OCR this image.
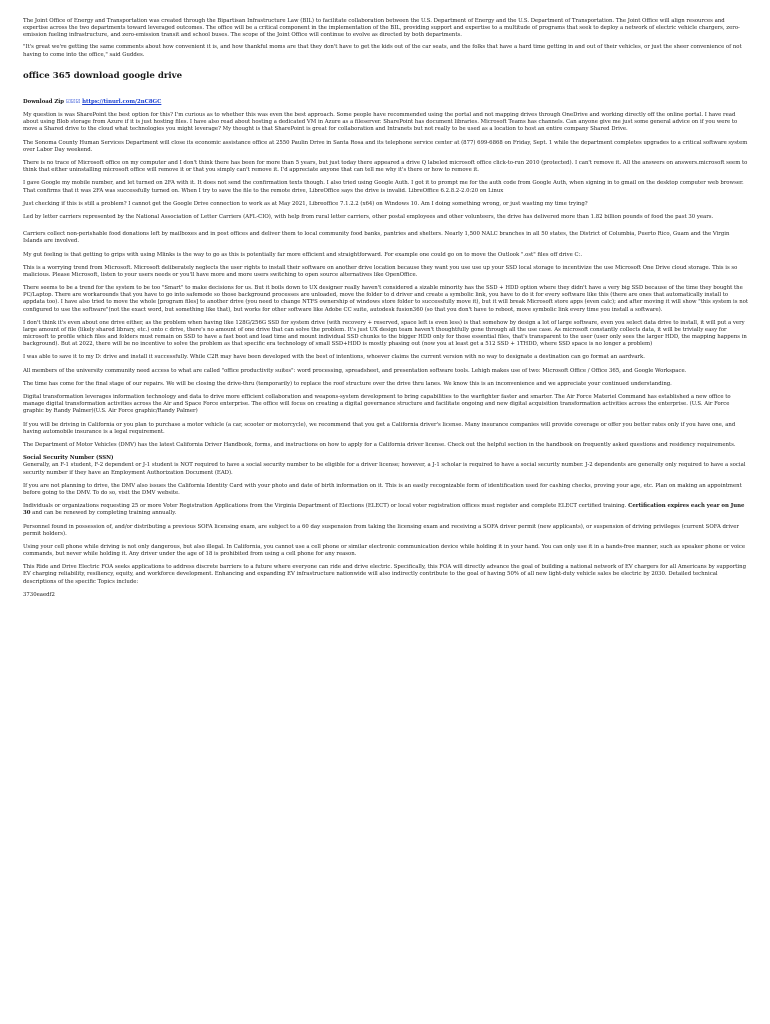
The Joint Office of Energy and Transportation was created through the Bipartisan Infrastructure Law (BIL) to facilitate collaboration between the U.S. Department of Energy and the U.S. Department of Transportation. The Joint Office will align resources and expertise across the two departments toward leveraged outcomes. The office will be a critical component in the implementation of the BIL, providing support and expertise to a multitude of programs that seek to deploy a network of electric vehicle chargers, zero-emission fueling infrastructure, and zero-emission transit and school buses. The scope of the Joint Office will continue to evolve as directed by both departments.

"It's great we're getting the same comments about how convenient it is, and how thankful moms are that they don't have to get the kids out of the car seats, and the folks that have a hard time getting in and out of their vehicles, or just the sheer convenience of not having to come into the office," said Guddes.

office 365 download google drive

Download Zip ☑☑☑ https://tinurl.com/2nC8GC

My question is was SharePoint the best option for this? I'm curious as to whether this was even the best approach. Some people have recommended using the portal and not mapping drives through OneDrive and working directly off the online portal. I have read about using Blob storage from Azure if it is just hosting files. I have also read about hosting a dedicated VM in Azure as a fileserver. SharePoint has document libraries. Microsoft Teams has channels. Can anyone give me just some general advice on if you were to move a Shared drive to the cloud what technologies you might leverage? My thought is that SharePoint is great for collaboration and Intranets but not really to be used as a location to host an entire company Shared Drive.

The Sonoma County Human Services Department will close its economic assistance office at 2550 Paulin Drive in Santa Rosa and its telephone service center at (877) 699-6868 on Friday, Sept. 1 while the department completes upgrades to a critical software system over Labor Day weekend.

There is no trace of Microsoft office on my computer and I don't think there has been for more than 5 years, but just today there appeared a drive Q labeled microsoft office click-to-run 2010 (protected). I can't remove it. All the answers on answers.microsoft seem to think that either uninstalling microsoft office will remove it or that you simply can't remove it. I'd appreciate anyone that can tell me why it's there or how to remove it.

I gave Google my mobile number, and let turned on 2FA with it. It does not send the confirmation texts though. I also tried using Google Auth. I got it to prompt me for the auth code from Google Auth, when signing in to gmail on the desktop computer web browser. That confirms that it was 2FA was successfully turned on. When I try to save the file to the remote drive, LibreOffice says the drive is invalid. LibreOffice 6.2.8.2-2.0:20 on Linux

Just checking if this is still a problem? I cannot get the Google Drive connection to work as at May 2021, Libreoffice 7.1.2.2 (x64) on Windows 10. Am I doing something wrong, or just wasting my time trying?

Led by letter carriers represented by the National Association of Letter Carriers (AFL-CIO), with help from rural letter carriers, other postal employees and other volunteers, the drive has delivered more than 1.82 billion pounds of food the past 30 years.

Carriers collect non-perishable food donations left by mailboxes and in post offices and deliver them to local community food banks, pantries and shelters. Nearly 1,500 NALC branches in all 50 states, the District of Columbia, Puerto Rico, Guam and the Virgin Islands are involved.

My gut feeling is that getting to grips with using Mlinks is the way to go as this is potentially far more efficient and straightforward. For example one could go on to move the Outlook ".ost" files off drive C:.

This is a worrying trend from Microsoft. Microsoft deliberately neglects the user rights to install their software on another drive location because they want you use use up your SSD local storage to incentivize the use Microsoft One Drive cloud storage. This is so malicious. Please Microsoft, listen to your users needs or you'll have more and more users switching to open source alternatives like OpenOffice.

There seems to be a trend for the system to be too "Smart" to make decisions for us. But it boils down to UX designer really haven't considered a sizable minority has the SSD + HDD option where they didn't have a very big SSD because of the time they bought the PC/Laptop. There are workarounds that you have to go into safemode so those background processes are unloaded, move the folder to d driver and create a symbolic link, you have to do it for every software like this (there are ones that automatically install to appdata too). I have also tried to move the whole [program files] to another drive (you need to change NTFS ownership of windows store folder to successfully move it), but it will break Microsoft store apps (even calc); and after moving it will show "this system is not configured to use the software"(not the exact word, but something like that), but works for other software like Adobe CC suite, autodesk fusion360 (so that you don't have to reboot, move symbolic link every time you install a software).

I don't think it's even about one drive either, as the problem when having like 128G/256G SSD for system drive (with recovery + reserved, space left is even less) is that somehow by design a lot of large software, even you select data drive to install, it will put a very large amount of file (likely shared library, etc.) onto c drive, there's no amount of one drive that can solve the problem. It's just UX design team haven't thoughtfully gone through all the use case. As microsoft constantly collects data, it will be trivially easy for microsoft to profile which files and folders must remain on SSD to have a fast boot and load time and mount individual SSD chunks to the bigger HDD only for those essential files, that's transparent to the user (user only sees the larger HDD, the mapping happens in background). But at 2022, there will be no incentive to solve the problem as that specific era technology of small SSD+HDD is mostly phasing out (now you at least get a 512 SSD + 1THDD, where SSD space is no longer a problem)

I was able to save it to my D: drive and install it successfully. While C2R may have been developed with the best of intentions, whoever claims the current version with no way to designate a destination can go format an aardvark.

All members of the university community need access to what are called "office productivity suites": word processing, spreadsheet, and presentation software tools. Lehigh makes use of two: Microsoft Office / Office 365, and Google Workspace.

The time has come for the final stage of our repairs. We will be closing the drive-thru (temporarily) to replace the roof structure over the drive thru lanes. We know this is an inconvenience and we appreciate your continued understanding.

Digital transformation leverages information technology and data to drive more efficient collaboration and weapons-system development to bring capabilities to the warfighter faster and smarter. The Air Force Materiel Command has established a new office to manage digital transformation activities across the Air and Space Force enterprise. The office will focus on creating a digital governance structure and facilitate ongoing and new digital acquisition transformation activities across the enterprise. (U.S. Air Force graphic by Randy Palmer)(U.S. Air Force graphic/Randy Palmer)

If you will be driving in California or you plan to purchase a motor vehicle (a car, scooter or motorcycle), we recommend that you get a California driver's license. Many insurance companies will provide coverage or offer you better rates only if you have one, and having automobile insurance is a legal requirement.

The Department of Motor Vehicles (DMV) has the latest California Driver Handbook, forms, and instructions on how to apply for a California driver license. Check out the helpful section in the handbook on frequently asked questions and residency requirements.

Social Security Number (SSN)
Generally, an F-1 student, F-2 dependent or J-1 student is NOT required to have a social security number to be eligible for a driver license; however, a J-1 scholar is required to have a social security number. J-2 dependents are generally only required to have a social security number if they have an Employment Authorization Document (EAD).

If you are not planning to drive, the DMV also issues the California Identity Card with your photo and date of birth information on it. This is an easily recognizable form of identification used for cashing checks, proving your age, etc. Plan on making an appointment before going to the DMV. To do so, visit the DMV website.

Individuals or organizations requesting 25 or more Voter Registration Applications from the Virginia Department of Elections (ELECT) or local voter registration offices must register and complete ELECT certified training. Certification expires each year on June 30 and can be renewed by completing training annually.

Personnel found in possession of, and/or distributing a previous SOFA licensing exam, are subject to a 60 day suspension from taking the licensing exam and receiving a SOFA driver permit (new applicants), or suspension of driving privileges (current SOFA driver permit holders).

Using your cell phone while driving is not only dangerous, but also illegal. In California, you cannot use a cell phone or similar electronic communication device while holding it in your hand. You can only use it in a hands-free manner, such as speaker phone or voice commands, but never while holding it. Any driver under the age of 18 is prohibited from using a cell phone for any reason.

This Ride and Drive Electric FOA seeks applications to address discrete barriers to a future where everyone can ride and drive electric. Specifically, this FOA will directly advance the goal of building a national network of EV chargers for all Americans by supporting EV charging reliability, resiliency, equity, and workforce development. Enhancing and expanding EV infrastructure nationwide will also indirectly contribute to the goal of having 50% of all new light-duty vehicle sales be electric by 2030. Detailed technical descriptions of the specific Topics include:

3730eaedf2
